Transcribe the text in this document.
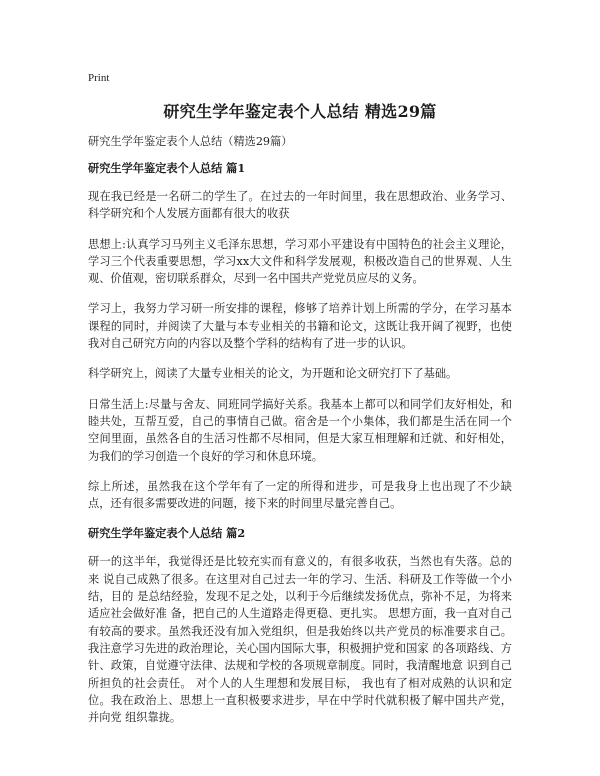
Print
研究生学年鉴定表个人总结 精选29篇
研究生学年鉴定表个人总结（精选29篇）
研究生学年鉴定表个人总结 篇1
现在我已经是一名研二的学生了。在过去的一年时间里，我在思想政治、业务学习、科学研究和个人发展方面都有很大的收获
思想上:认真学习马列主义毛泽东思想，学习邓小平建设有中国特色的社会主义理论，学习三个代表重要思想，学习xx大文件和科学发展观，积极改造自己的世界观、人生观、价值观，密切联系群众，尽到一名中国共产党党员应尽的义务。
学习上，我努力学习研一所安排的课程，修够了培养计划上所需的学分，在学习基本课程的同时，并阅读了大量与本专业相关的书籍和论文，这既让我开阔了视野，也使我对自己研究方向的内容以及整个学科的结构有了进一步的认识。
科学研究上，阅读了大量专业相关的论文，为开题和论文研究打下了基础。
日常生活上:尽量与舍友、同班同学搞好关系。我基本上都可以和同学们友好相处，和睦共处，互帮互爱，自己的事情自己做。宿舍是一个小集体，我们都是生活在同一个空间里面，虽然各自的生活习性都不尽相同，但是大家互相理解和迁就、和好相处，为我们的学习创造一个良好的学习和休息环境。
综上所述，虽然我在这个学年有了一定的所得和进步，可是我身上也出现了不少缺点，还有很多需要改进的问题，接下来的时间里尽量完善自己。
研究生学年鉴定表个人总结 篇2
研一的这半年，我觉得还是比较充实而有意义的，有很多收获，当然也有失落。总的来 说自己成熟了很多。在这里对自己过去一年的学习、生活、科研及工作等做一个小结，目的 是总结经验，发现不足之处，以利于今后继续发扬优点，弥补不足，为将来适应社会做好准 备，把自己的人生道路走得更稳、更扎实。 思想方面，我一直对自己有较高的要求。虽然我还没有加入党组织，但是我始终以共产党员的标准要求自己。我注意学习先进的政治理论，关心国内国际大事，积极拥护党和国家 的各项路线、方针、政策，自觉遵守法律、法规和学校的各项规章制度。同时，我清醒地意 识到自己所担负的社会责任。 对个人的人生理想和发展目标， 我也有了相对成熟的认识和定 位。我在政治上、思想上一直积极要求进步，早在中学时代就积极了解中国共产党，并向党 组织靠拢。
